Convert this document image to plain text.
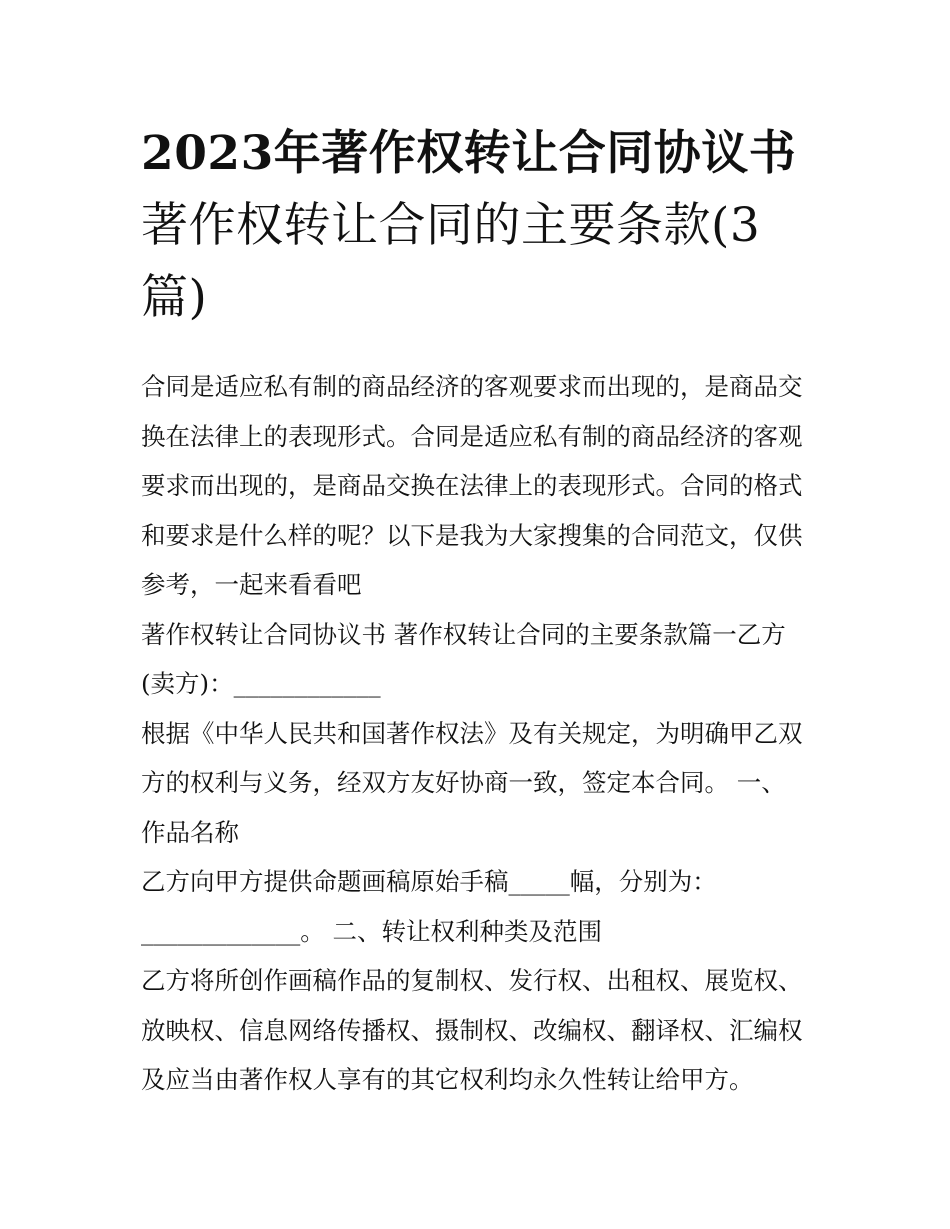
2023年著作权转让合同协议书
著作权转让合同的主要条款(3
篇)

合同是适应私有制的商品经济的客观要求而出现的，是商品交
换在法律上的表现形式。合同是适应私有制的商品经济的客观
要求而出现的，是商品交换在法律上的表现形式。合同的格式
和要求是什么样的呢？以下是我为大家搜集的合同范文，仅供
参考，一起来看看吧

著作权转让合同协议书 著作权转让合同的主要条款篇一乙方
(卖方)：____________

根据《中华人民共和国著作权法》及有关规定，为明确甲乙双
方的权利与义务，经双方友好协商一致，签定本合同。 一、
作品名称

乙方向甲方提供命题画稿原始手稿_____幅，分别为：
_____________。 二、转让权利种类及范围

乙方将所创作画稿作品的复制权、发行权、出租权、展览权、
放映权、信息网络传播权、摄制权、改编权、翻译权、汇编权
及应当由著作权人享有的其它权利均永久性转让给甲方。
